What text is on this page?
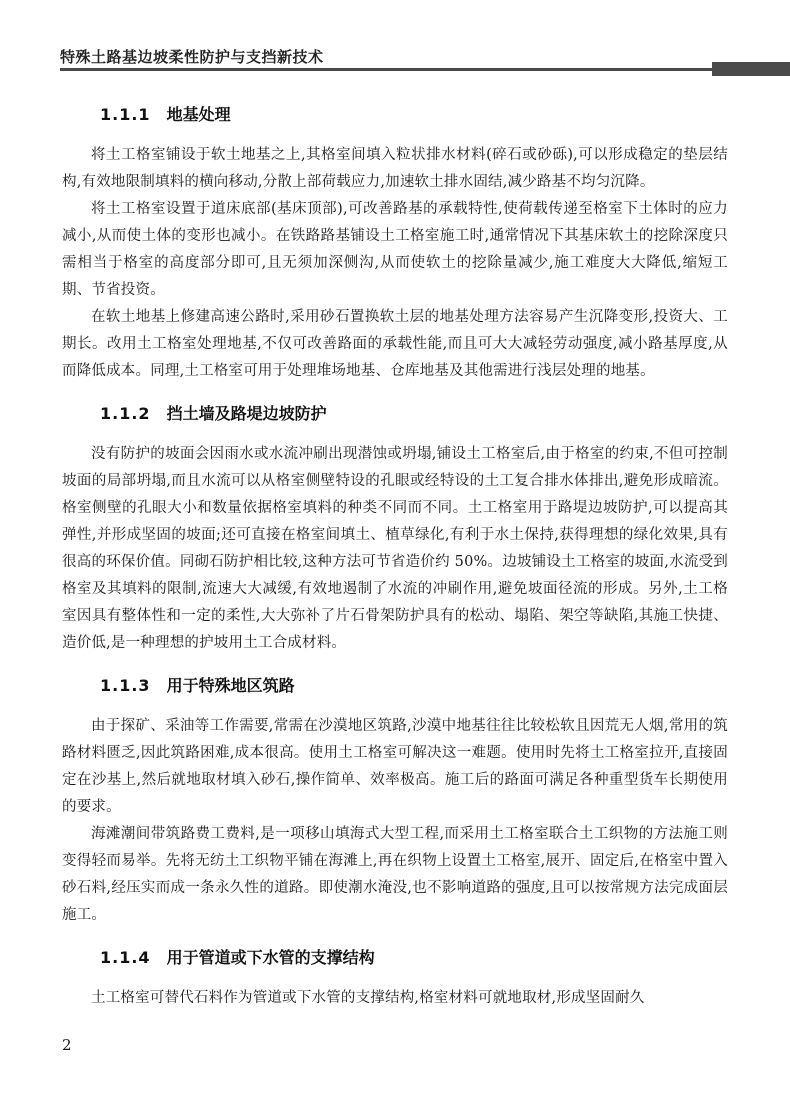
特殊土路基边坡柔性防护与支挡新技术
1.1.1 地基处理

将土工格室铺设于软土地基之上,其格室间填入粒状排水材料(碎石或砂砾),可以形成稳定的垫层结构,有效地限制填料的横向移动,分散上部荷载应力,加速软土排水固结,减少路基不均匀沉降。

将土工格室设置于道床底部(基床顶部),可改善路基的承载特性,使荷载传递至格室下土体时的应力减小,从而使土体的变形也减小。在铁路路基铺设土工格室施工时,通常情况下其基床软土的挖除深度只需相当于格室的高度部分即可,且无须加深侧沟,从而使软土的挖除量减少,施工难度大大降低,缩短工期、节省投资。

在软土地基上修建高速公路时,采用砂石置换软土层的地基处理方法容易产生沉降变形,投资大、工期长。改用土工格室处理地基,不仅可改善路面的承载性能,而且可大大减轻劳动强度,减小路基厚度,从而降低成本。同理,土工格室可用于处理堆场地基、仓库地基及其他需进行浅层处理的地基。

1.1.2 挡土墙及路堤边坡防护

没有防护的坡面会因雨水或水流冲刷出现潜蚀或坍塌,铺设土工格室后,由于格室的约束,不但可控制坡面的局部坍塌,而且水流可以从格室侧壁特设的孔眼或经特设的土工复合排水体排出,避免形成暗流。格室侧壁的孔眼大小和数量依据格室填料的种类不同而不同。土工格室用于路堤边坡防护,可以提高其弹性,并形成坚固的坡面;还可直接在格室间填土、植草绿化,有利于水土保持,获得理想的绿化效果,具有很高的环保价值。同砌石防护相比较,这种方法可节省造价约 50%。边坡铺设土工格室的坡面,水流受到格室及其填料的限制,流速大大减缓,有效地遏制了水流的冲刷作用,避免坡面径流的形成。另外,土工格室因具有整体性和一定的柔性,大大弥补了片石骨架防护具有的松动、塌陷、架空等缺陷,其施工快捷、造价低,是一种理想的护坡用土工合成材料。

1.1.3 用于特殊地区筑路

由于探矿、采油等工作需要,常需在沙漠地区筑路,沙漠中地基往往比较松软且因荒无人烟,常用的筑路材料匮乏,因此筑路困难,成本很高。使用土工格室可解决这一难题。使用时先将土工格室拉开,直接固定在沙基上,然后就地取材填入砂石,操作简单、效率极高。施工后的路面可满足各种重型货车长期使用的要求。

海滩潮间带筑路费工费料,是一项移山填海式大型工程,而采用土工格室联合土工织物的方法施工则变得轻而易举。先将无纺土工织物平铺在海滩上,再在织物上设置土工格室,展开、固定后,在格室中置入砂石料,经压实而成一条永久性的道路。即使潮水淹没,也不影响道路的强度,且可以按常规方法完成面层施工。

1.1.4 用于管道或下水管的支撑结构

土工格室可替代石料作为管道或下水管的支撑结构,格室材料可就地取材,形成坚固耐久

2
